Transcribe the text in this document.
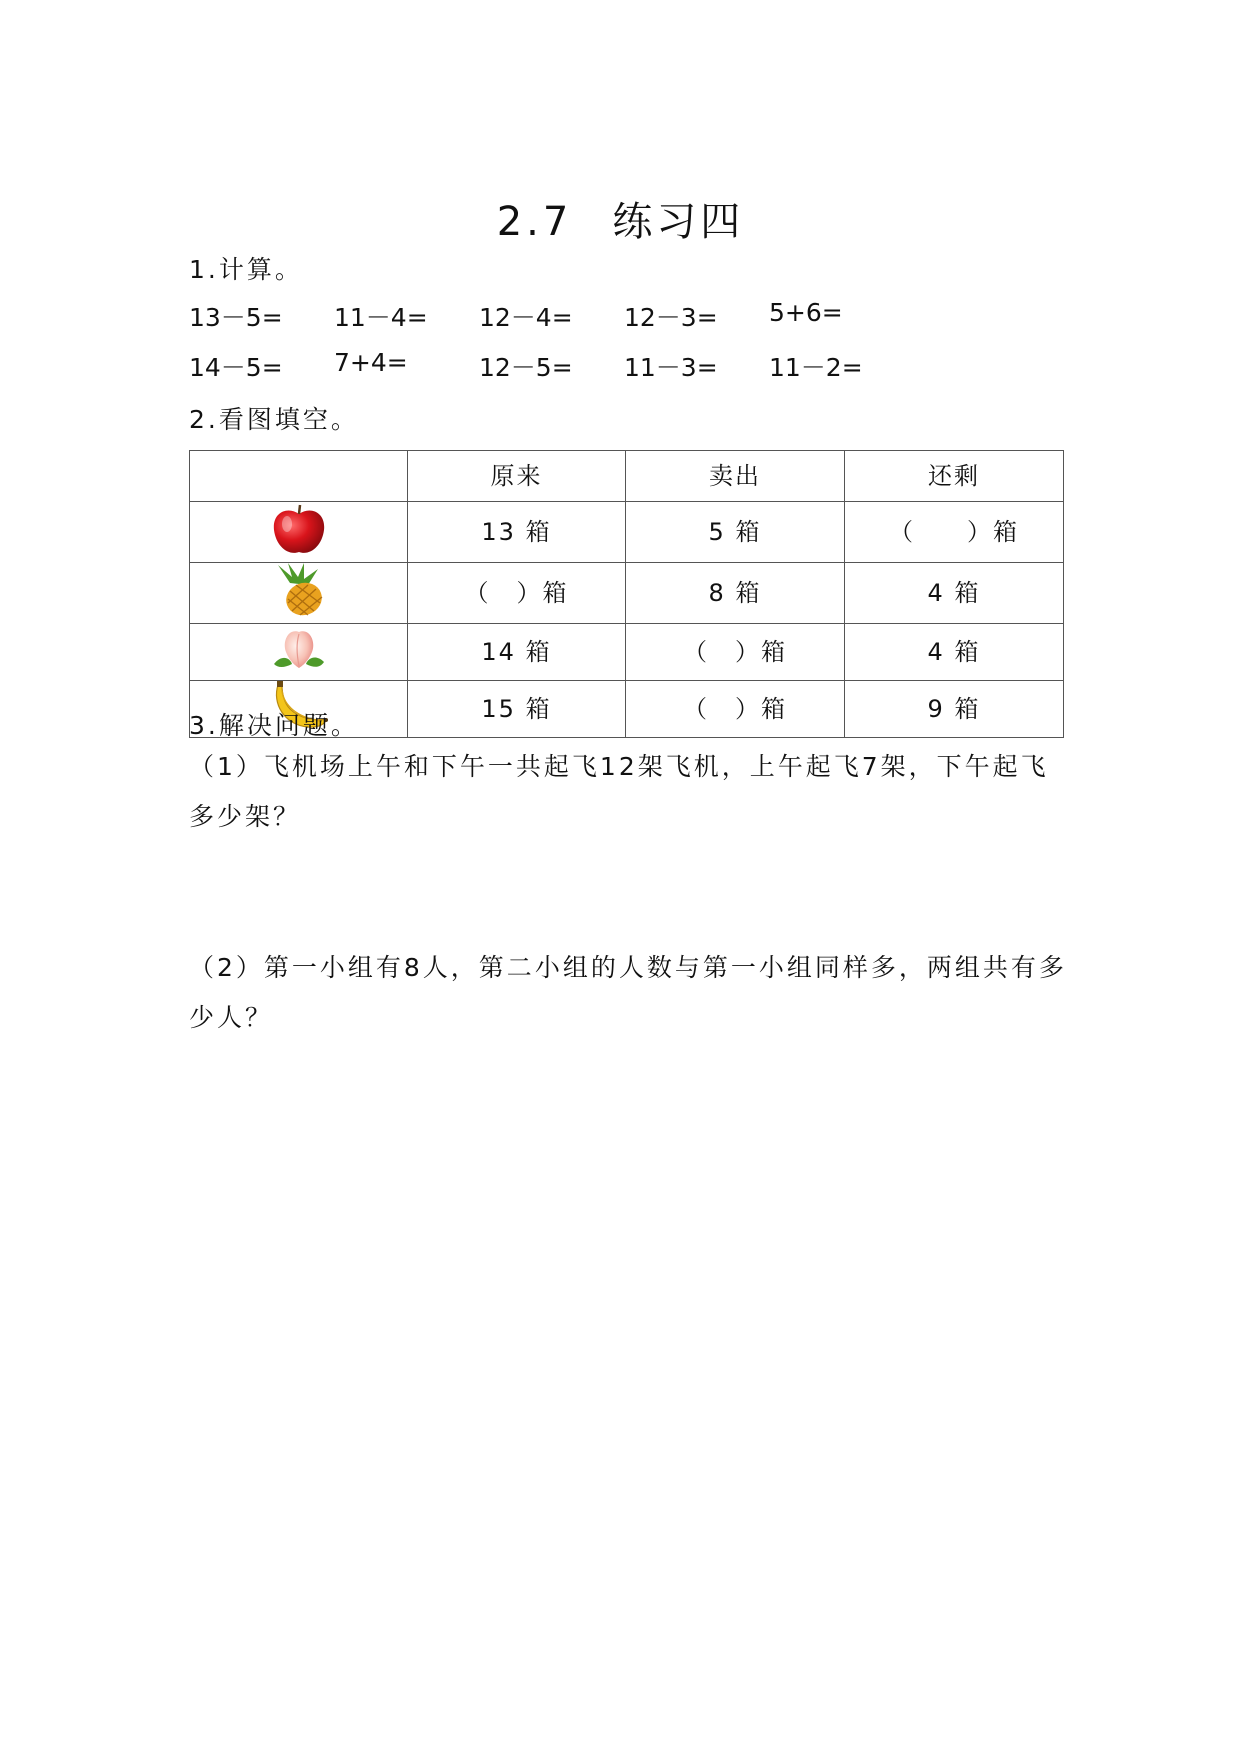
2.7 练习四
1.计算。
13－5= 11－4= 12－4= 12－3= 5+6=
14－5= 7+4=	12－5= 11－3= 11－2=
2.看图填空。
	原来	卖出	还剩
	13 箱	5 箱	（　　）箱
	（　）箱	8 箱	4 箱
	14 箱	（　）箱	4 箱
	15 箱	（　）箱	9 箱
3.解决问题。
（1）飞机场上午和下午一共起飞12架飞机，上午起飞7架，下午起飞多少架？
（2）第一小组有8人，第二小组的人数与第一小组同样多，两组共有多少人？
